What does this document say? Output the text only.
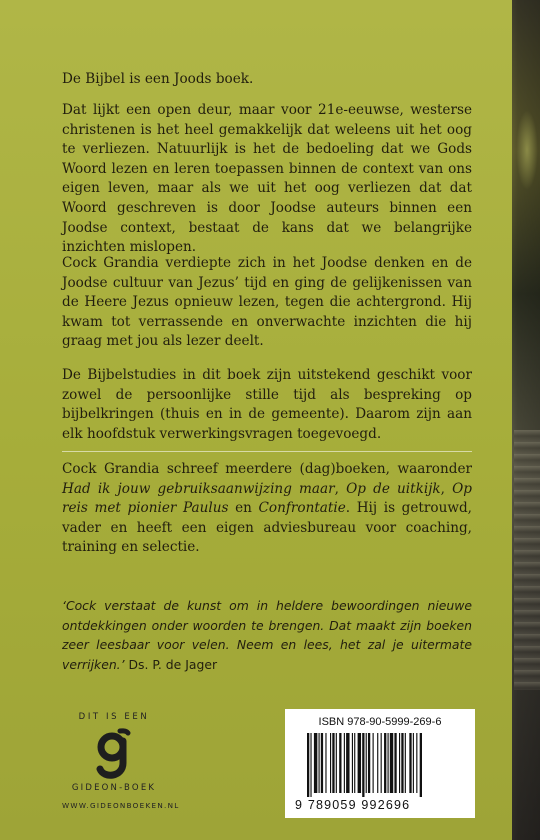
De Bijbel is een Joods boek.

Dat lijkt een open deur, maar voor 21e-eeuwse, westerse christenen is het heel gemakkelijk dat weleens uit het oog te verliezen. Natuurlijk is het de bedoeling dat we Gods Woord lezen en leren toepassen binnen de context van ons eigen leven, maar als we uit het oog verliezen dat dat Woord geschreven is door Joodse auteurs binnen een Joodse context, bestaat de kans dat we belangrijke inzichten mislopen.

Cock Grandia verdiepte zich in het Joodse denken en de Joodse cultuur van Jezus’ tijd en ging de gelijkenissen van de Heere Jezus opnieuw lezen, tegen die achtergrond. Hij kwam tot verrassende en onverwachte inzichten die hij graag met jou als lezer deelt.

De Bijbelstudies in dit boek zijn uitstekend geschikt voor zowel de persoonlijke stille tijd als bespreking op bijbelkringen (thuis en in de gemeente). Daarom zijn aan elk hoofdstuk verwerkingsvragen toegevoegd.

Cock Grandia schreef meerdere (dag)boeken, waaronder Had ik jouw gebruiksaanwijzing maar, Op de uitkijk, Op reis met pionier Paulus en Confrontatie. Hij is getrouwd, vader en heeft een eigen adviesbureau voor coaching, training en selectie.

‘Cock verstaat de kunst om in heldere bewoordingen nieuwe ontdekkingen onder woorden te brengen. Dat maakt zijn boeken zeer leesbaar voor velen. Neem en lees, het zal je uitermate verrijken.’ Ds. P. de Jager
DIT IS EEN
GIDEON-BOEK
WWW.GIDEONBOEKEN.NL
ISBN 978-90-5999-269-6
9 789059 992696
